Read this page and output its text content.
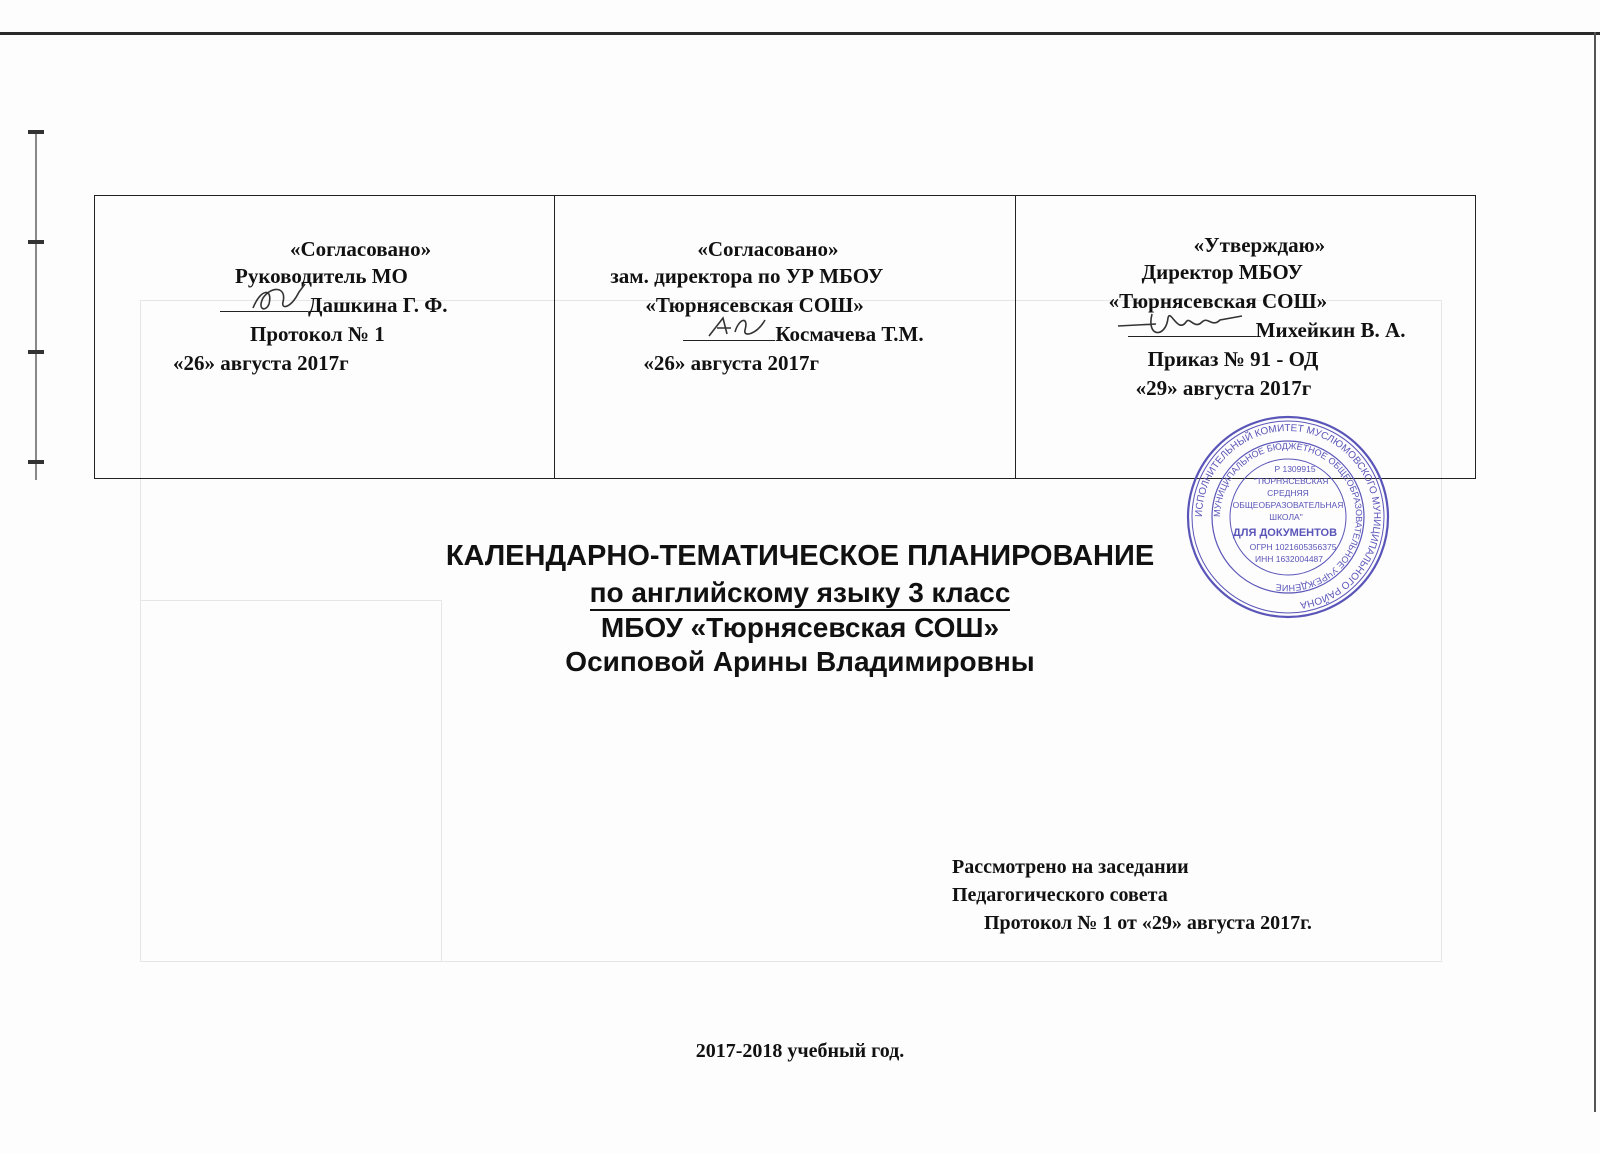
«Согласовано»
Руководитель МО
Дашкина Г. Ф.
Протокол № 1
«26» августа 2017г
«Согласовано»
зам. директора по УР МБОУ
«Тюрнясевская СОШ»
Космачева Т.М.
«26» августа 2017г
«Утверждаю»
Директор МБОУ
«Тюрнясевская СОШ»
Михейкин В. А.
Приказ № 91 - ОД
«29» августа 2017г
ИСПОЛНИТЕЛЬНЫЙ КОМИТЕТ МУСЛЮМОВСКОГО МУНИЦИПАЛЬНОГО РАЙОНА
МУНИЦИПАЛЬНОЕ БЮДЖЕТНОЕ ОБЩЕОБРАЗОВАТЕЛЬНОЕ УЧРЕЖДЕНИЕ
Р 1309915
"ТЮРНЯСЕВСКАЯ
СРЕДНЯЯ
ОБЩЕОБРАЗОВАТЕЛЬНАЯ
ШКОЛА"
ДЛЯ ДОКУМЕНТОВ
ОГРН 1021605356375
ИНН 1632004487
КАЛЕНДАРНО-ТЕМАТИЧЕСКОЕ ПЛАНИРОВАНИЕ
по английскому языку 3 класс
МБОУ «Тюрнясевская СОШ»
Осиповой Арины Владимировны
Рассмотрено на заседании
Педагогического совета
Протокол № 1 от «29» августа 2017г.
2017-2018 учебный год.
